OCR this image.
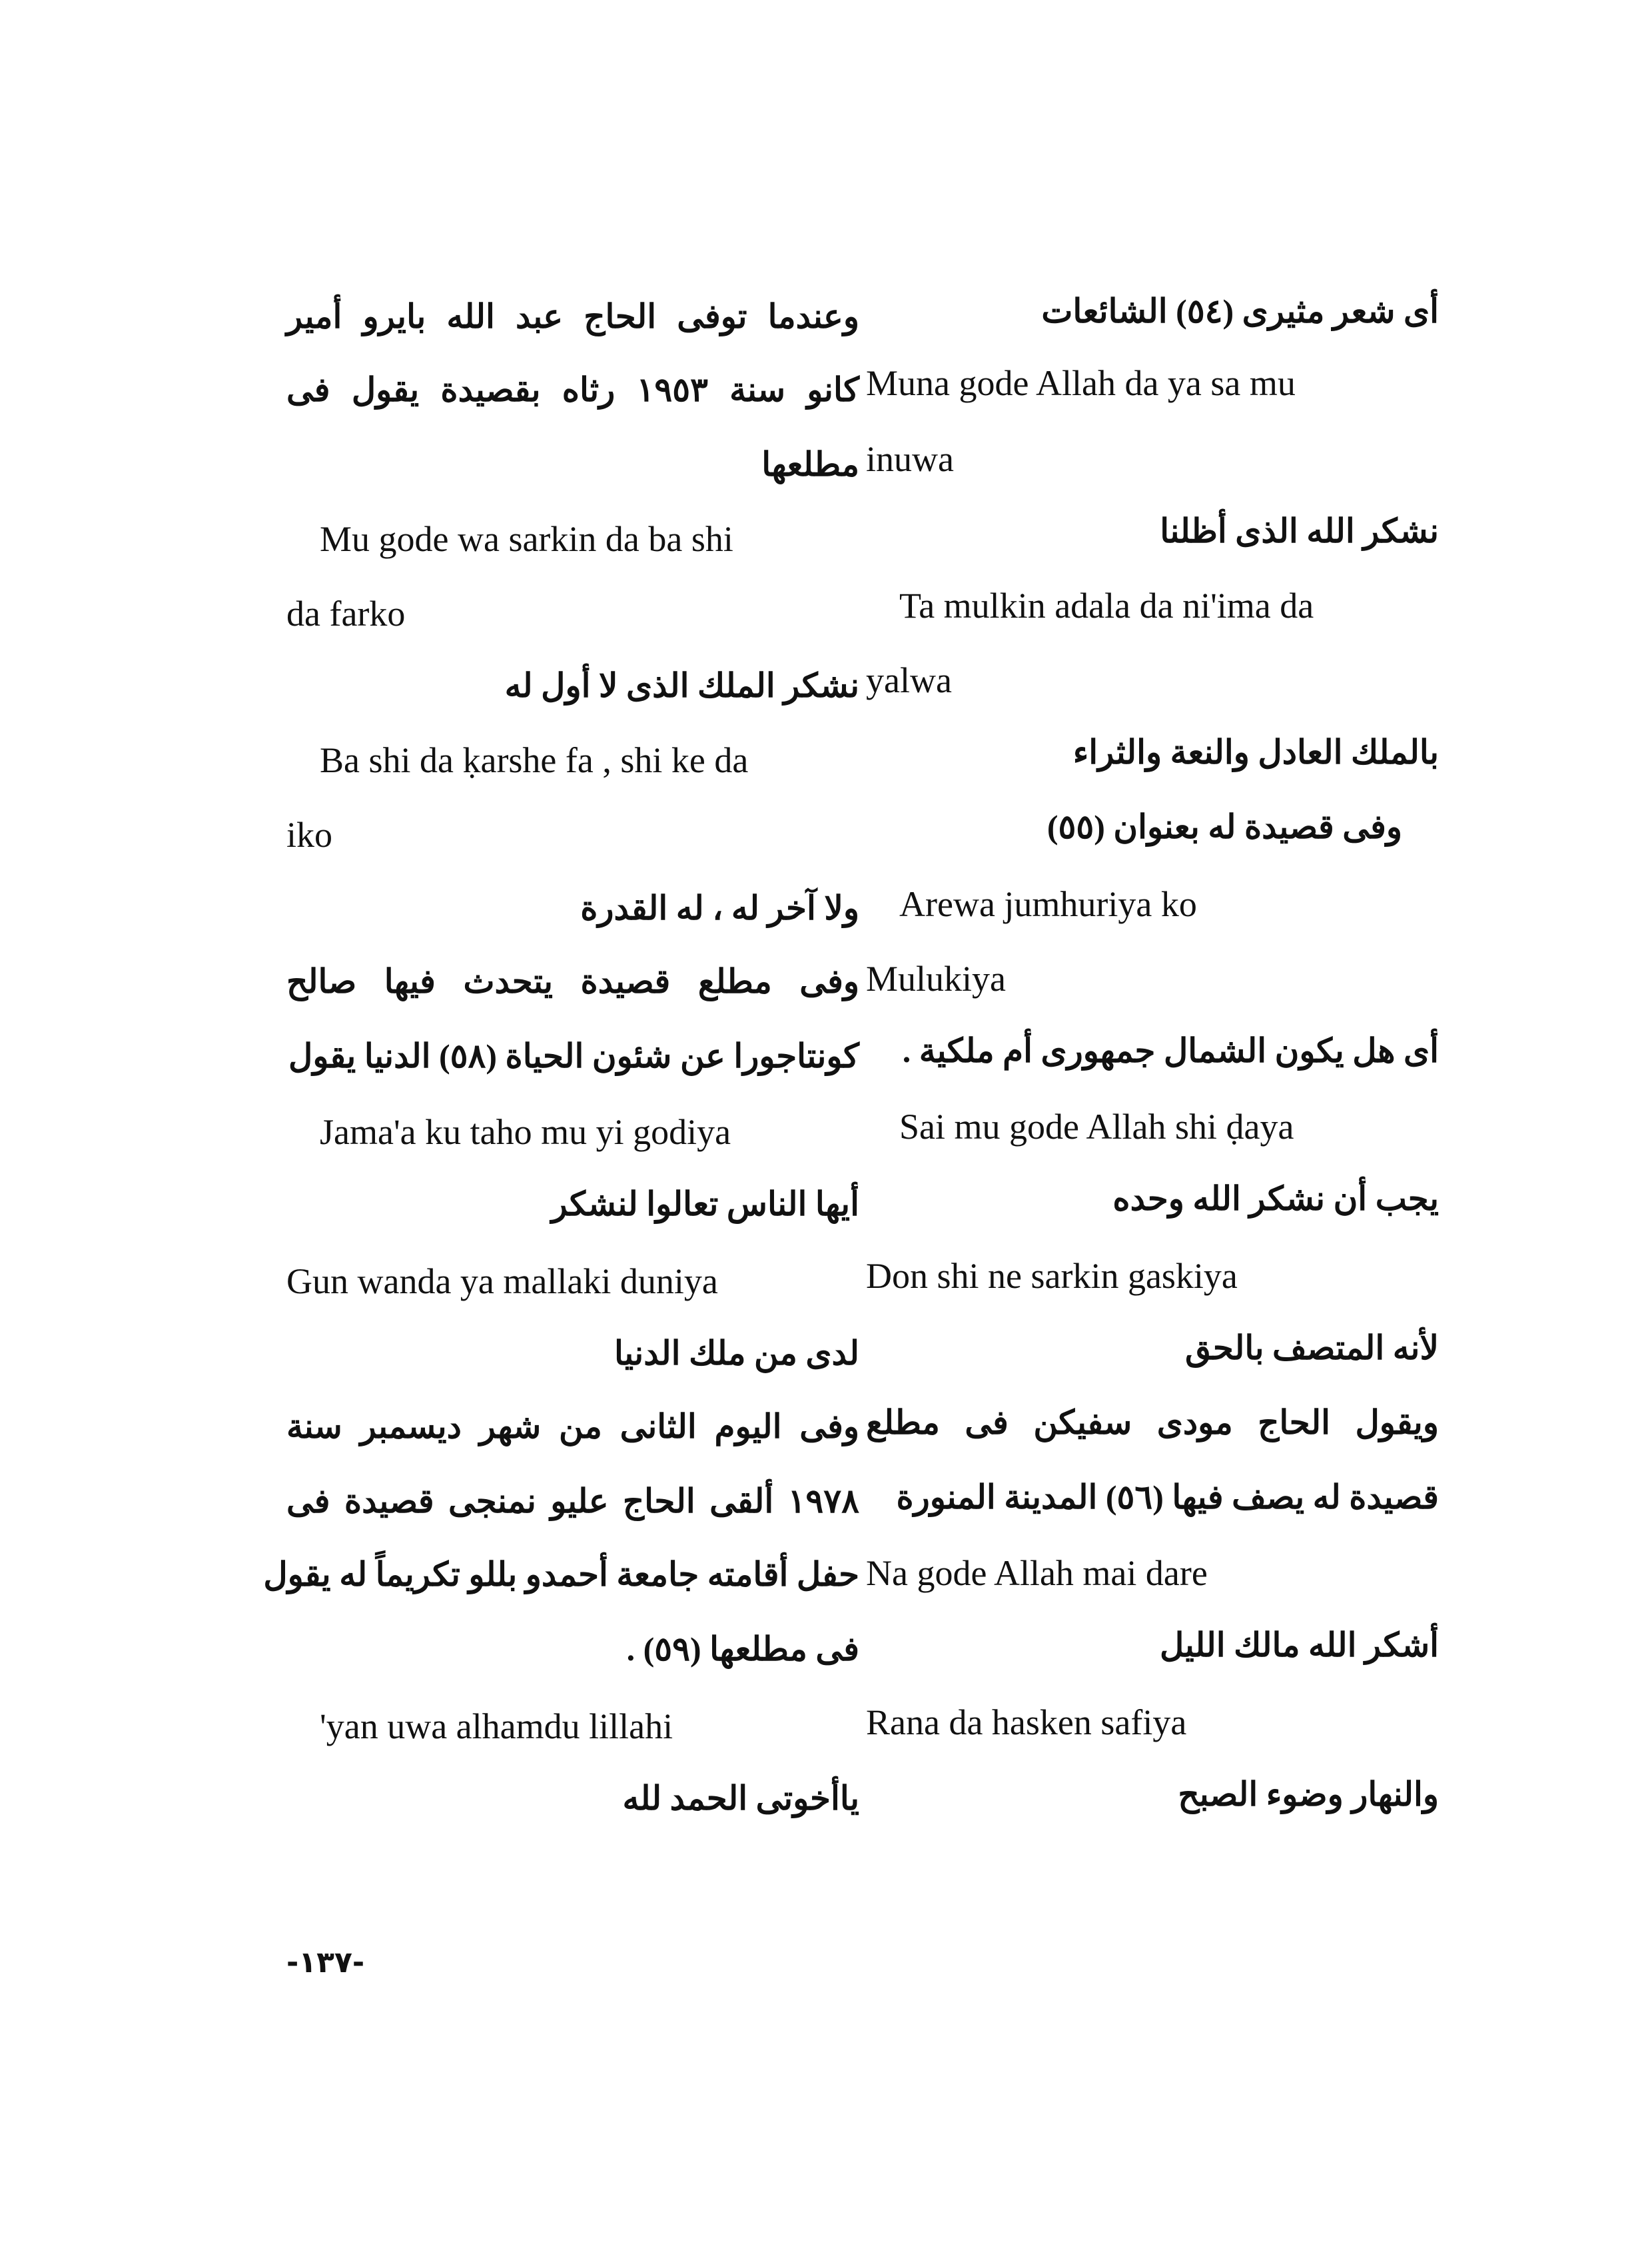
أى شعر مثيرى (٥٤) الشائعات
Muna gode Allah da ya sa mu
inuwa
نشكر الله الذى أظلنا
Ta mulkin adala da ni'ima da
yalwa
بالملك العادل والنعة والثراء
وفى قصيدة له بعنوان (٥٥)
Arewa jumhuriya ko
Mulukiya
أى هل يكون الشمال جمهورى أم ملكية .
Sai mu gode Allah shi ḍaya
يجب أن نشكر الله وحده
Don shi ne sarkin gaskiya
لأنه المتصف بالحق
ويقول الحاج مودى سفيكن فى مطلع
قصيدة له يصف فيها (٥٦) المدينة المنورة
Na gode Allah mai dare
أشكر الله مالك الليل
Rana da hasken safiya
والنهار وضوء الصبح
وعندما توفى الحاج عبد الله بايرو أمير
كانو سنة ١٩٥٣ رثاه بقصيدة يقول فى
مطلعها
Mu gode wa sarkin da ba shi
da farko
نشكر الملك الذى لا أول له
Ba shi da ḳarshe fa , shi ke da
iko
ولا آخر له ، له القدرة
وفى مطلع قصيدة يتحدث فيها صالح
كونتاجورا عن شئون الحياة (٥٨) الدنيا يقول
Jama'a ku taho mu yi godiya
أيها الناس تعالوا لنشكر
Gun wanda ya mallaki duniya
لدى من ملك الدنيا
وفى اليوم الثانى من شهر ديسمبر سنة
١٩٧٨ ألقى الحاج عليو نمنجى قصيدة فى
حفل أقامته جامعة أحمدو بللو تكريماً له يقول
فى مطلعها (٥٩) .
'yan uwa alhamdu lillahi
ياأخوتى الحمد لله
-١٣٧-
